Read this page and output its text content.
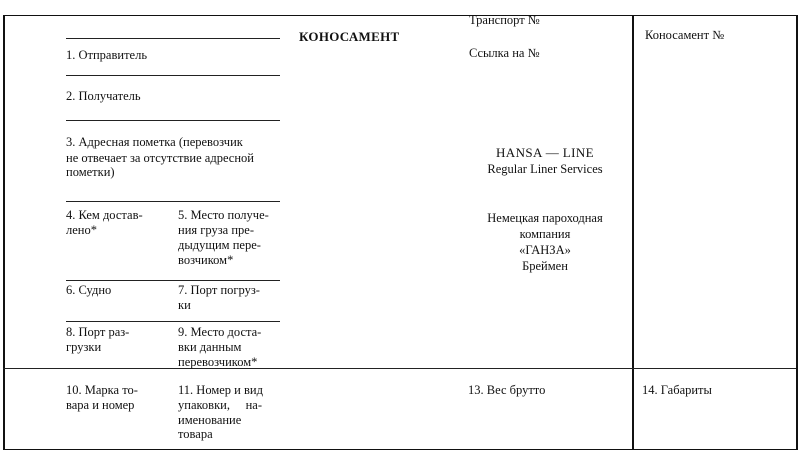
КОНОСАМЕНТ
Транспорт №
Ссылка на №
Коносамент №
1. Отправитель
2. Получатель
3. Адресная пометка (перевозчик
не отвечает за отсутствие адресной
пометки)
4. Кем достав-
лено*
5. Место получе-
ния груза пре-
дыдущим пере-
возчиком*
6. Судно	7. Порт погруз-
ки
8. Порт раз-
грузки
9. Место доста-
вки данным
перевозчиком*
10. Марка то-
вара и номер
11. Номер и вид
упаковки,     на-
именование
товара
13. Вес брутто	14. Габариты
HANSA — LINE
Regular Liner Services
Немецкая пароходная
компания
«ГАНЗА»
Бреймен
